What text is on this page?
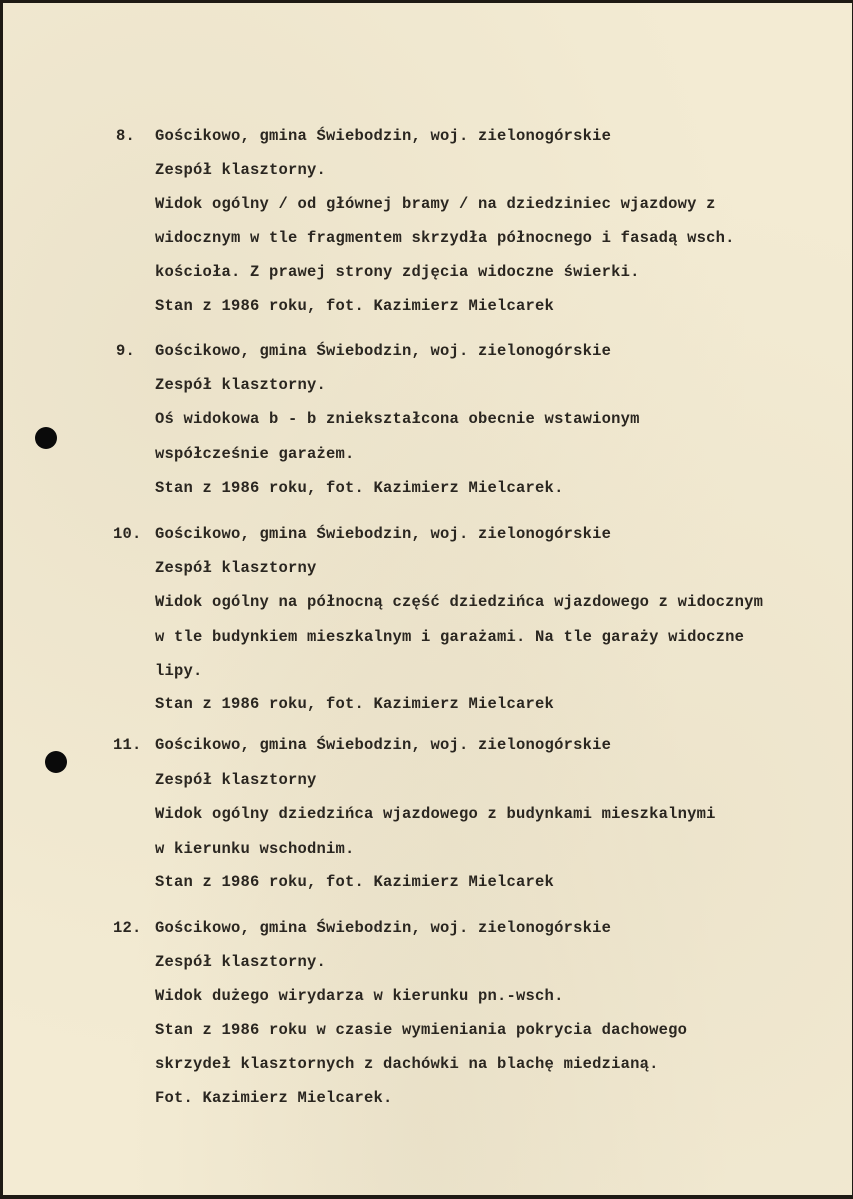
8. Gościkowo, gmina Świebodzin, woj. zielonogórskie
Zespół klasztorny.
Widok ogólny / od głównej bramy / na dziedziniec wjazdowy z
widocznym w tle fragmentem skrzydła północnego i fasadą wsch.
kościoła. Z prawej strony zdjęcia widoczne świerki.
Stan z 1986 roku, fot. Kazimierz Mielcarek
9. Gościkowo, gmina Świebodzin, woj. zielonogórskie
Zespół klasztorny.
Oś widokowa b - b zniekształcona obecnie wstawionym
współcześnie garażem.
Stan z 1986 roku, fot. Kazimierz Mielcarek.
10. Gościkowo, gmina Świebodzin, woj. zielonogórskie
Zespół klasztorny
Widok ogólny na północną część dziedzińca wjazdowego z widocznym
w tle budynkiem mieszkalnym i garażami. Na tle garaży widoczne
lipy.
Stan z 1986 roku, fot. Kazimierz Mielcarek
11. Gościkowo, gmina Świebodzin, woj. zielonogórskie
Zespół klasztorny
Widok ogólny dziedzińca wjazdowego z budynkami mieszkalnymi
w kierunku wschodnim.
Stan z 1986 roku, fot. Kazimierz Mielcarek
12. Gościkowo, gmina Świebodzin, woj. zielonogórskie
Zespół klasztorny.
Widok dużego wirydarza w kierunku pn.-wsch.
Stan z 1986 roku w czasie wymieniania pokrycia dachowego
skrzydeł klasztornych z dachówki na blachę miedzianą.
Fot. Kazimierz Mielcarek.
